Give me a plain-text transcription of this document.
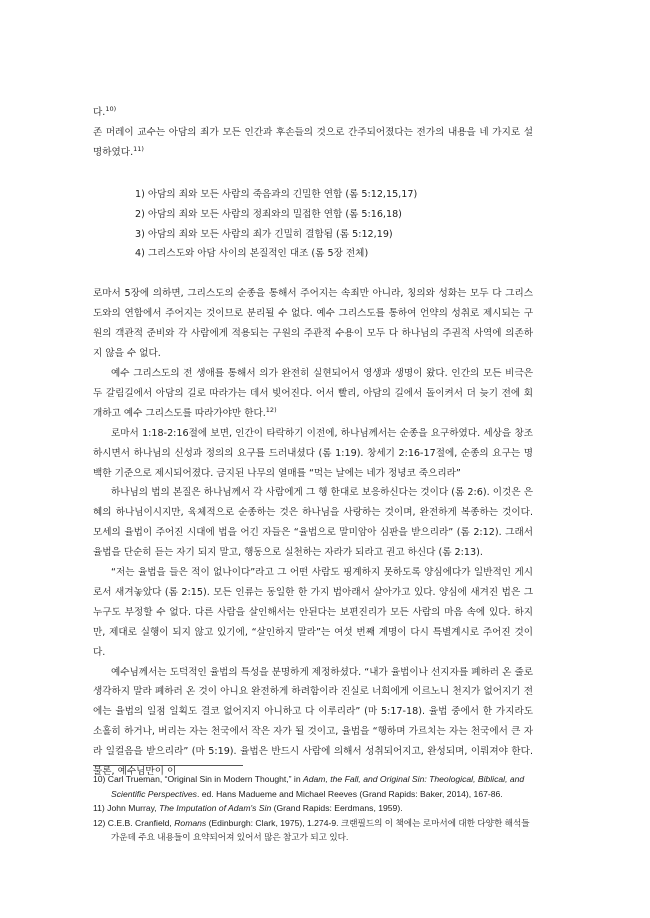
다.$^{10)}$

존 머레이 교수는 아담의 죄가 모든 인간과 후손들의 것으로 간주되어졌다는 전가의 내용을 네 가지로 설명하였다.$^{11)}$

1) 아담의 죄와 모든 사람의 죽음과의 긴밀한 연합 (롬 5:12,15,17)
2) 아담의 죄와 모든 사람의 정죄와의 밀접한 연합 (롬 5:16,18)
3) 아담의 죄와 모든 사람의 죄가 긴밀히 결합됨 (롬 5:12,19)
4) 그리스도와 아담 사이의 본질적인 대조 (롬 5장 전체)

로마서 5장에 의하면, 그리스도의 순종을 통해서 주어지는 속죄만 아니라, 칭의와 성화는 모두 다 그리스도와의 연합에서 주어지는 것이므로 분리될 수 없다. 예수 그리스도를 통하여 언약의 성취로 제시되는 구원의 객관적 준비와 각 사람에게 적용되는 구원의 주관적 수용이 모두 다 하나님의 주권적 사역에 의존하지 않을 수 없다.

예수 그리스도의 전 생애를 통해서 의가 완전히 실현되어서 영생과 생명이 왔다. 인간의 모든 비극은 두 갈림길에서 아담의 길로 따라가는 데서 빚어진다. 어서 빨리, 아담의 길에서 돌이켜서 더 늦기 전에 회개하고 예수 그리스도를 따라가야만 한다.$^{12)}$

로마서 1:18-2:16절에 보면, 인간이 타락하기 이전에, 하나님께서는 순종을 요구하였다. 세상을 창조하시면서 하나님의 신성과 정의의 요구를 드러내셨다 (롬 1:19). 창세기 2:16-17절에, 순종의 요구는 명백한 기준으로 제시되어졌다. 금지된 나무의 열매를 “먹는 날에는 네가 정녕코 죽으리라”

하나님의 법의 본질은 하나님께서 각 사람에게 그 행 한대로 보응하신다는 것이다 (롬 2:6). 이것은 은혜의 하나님이시지만, 육체적으로 순종하는 것은 하나님을 사랑하는 것이며, 완전하게 복종하는 것이다. 모세의 율법이 주어진 시대에 법을 어긴 자들은 “율법으로 말미암아 심판을 받으리라” (롬 2:12). 그래서 율법을 단순히 듣는 자기 되지 말고, 행동으로 실천하는 자라가 되라고 권고 하신다 (롬 2:13).

“저는 율법을 들은 적이 없나이다”라고 그 어떤 사람도 핑계하지 못하도록 양심에다가 일반적인 게시로서 새겨놓았다 (롬 2:15). 모든 인류는 동일한 한 가지 법아래서 살아가고 있다. 양심에 새겨진 법은 그 누구도 부정할 수 없다. 다른 사람을 살인해서는 안된다는 보편진리가 모든 사람의 마음 속에 있다. 하지만, 제대로 실행이 되지 않고 있기에, “살인하지 말라”는 여섯 번째 계명이 다시 특별계시로 주어진 것이다.

예수님께서는 도덕적인 율법의 특성을 분명하게 제정하셨다. “내가 율법이나 선지자를 폐하러 온 줄로 생각하지 말라 폐하러 온 것이 아니요 완전하게 하려함이라 진실로 너희에게 이르노니 천지가 없어지기 전에는 율법의 일점 일획도 결코 없어지지 아니하고 다 이루리라” (마 5:17-18). 율법 중에서 한 가지라도 소홀히 하거나, 버리는 자는 천국에서 작은 자가 될 것이고, 율법을 “행하며 가르치는 자는 천국에서 큰 자라 일컬음을 받으리라” (마 5:19). 율법은 반드시 사람에 의해서 성취되어지고, 완성되며, 이뤄져야 한다. 물론, 예수님만이 이

10) Carl Trueman, “Original Sin in Modern Thought,” in Adam, the Fall, and Original Sin: Theological, Biblical, and Scientific Perspectives. ed. Hans Madueme and Michael Reeves (Grand Rapids: Baker, 2014), 167-86.

11) John Murray, The Imputation of Adam's Sin (Grand Rapids: Eerdmans, 1959).

12) C.E.B. Cranfield, Romans (Edinburgh: Clark, 1975), 1.274-9. 크랜필드의 이 책에는 로마서에 대한 다양한 해석들 가운데 주요 내용들이 요약되어져 있어서 많은 참고가 되고 있다.
